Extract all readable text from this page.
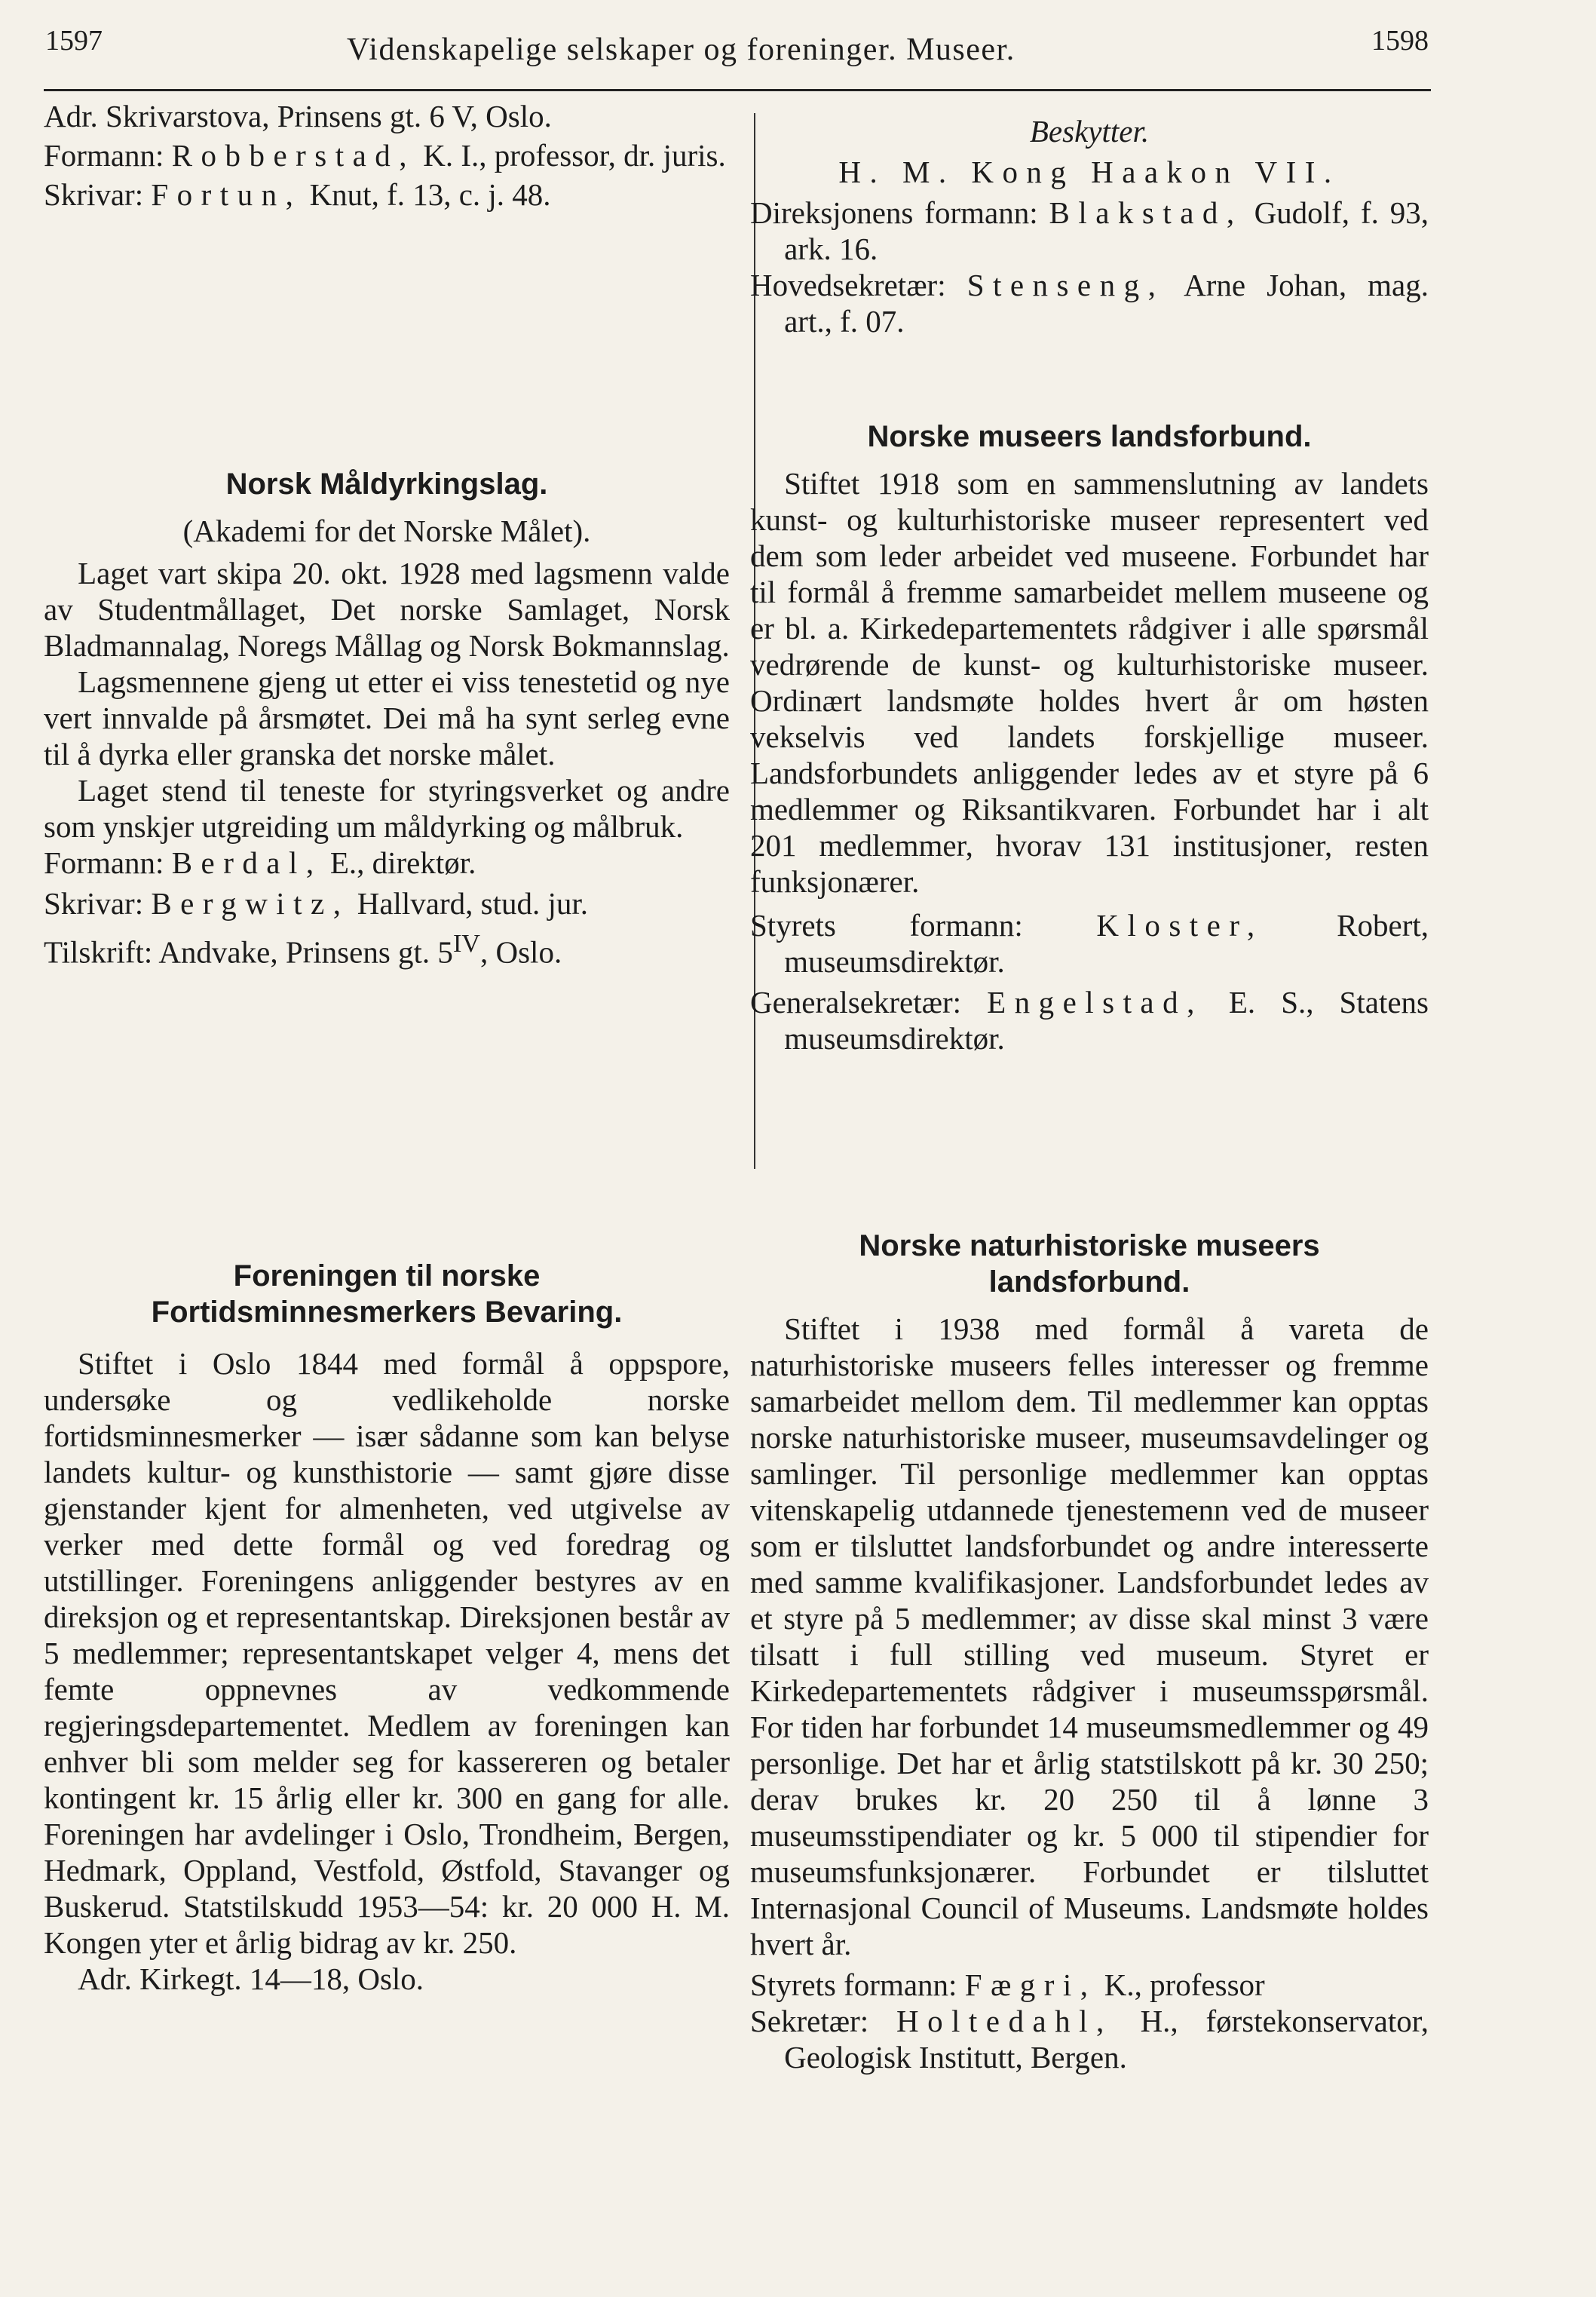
1597	Videnskapelige selskaper og foreninger. Museer.	1598

Adr. Skrivarstova, Prinsens gt. 6 V, Oslo.

Formann: Robberstad, K. I., professor, dr. juris.

Skrivar: Fortun, Knut, f. 13, c. j. 48.

Norsk Måldyrkingslag.

(Akademi for det Norske Målet).

Laget vart skipa 20. okt. 1928 med lagsmenn valde av Studentmållaget, Det norske Samlaget, Norsk Bladmannalag, Noregs Mållag og Norsk Bokmannslag.

Lagsmennene gjeng ut etter ei viss tenestetid og nye vert innvalde på årsmøtet. Dei må ha synt serleg evne til å dyrka eller granska det norske målet.

Laget stend til teneste for styringsverket og andre som ynskjer utgreiding um måldyrking og målbruk.

Formann: Berdal, E., direktør.

Skrivar: Bergwitz, Hallvard, stud. jur.

Tilskrift: Andvake, Prinsens gt. $5^{IV}$, Oslo.

Foreningen til norske Fortidsminnesmerkers Bevaring.

Stiftet i Oslo 1844 med formål å oppspore, undersøke og vedlikeholde norske fortidsminnesmerker — især sådanne som kan belyse landets kultur- og kunsthistorie — samt gjøre disse gjenstander kjent for almenheten, ved utgivelse av verker med dette formål og ved foredrag og utstillinger. Foreningens anliggender bestyres av en direksjon og et representantskap. Direksjonen består av 5 medlemmer; representantskapet velger 4, mens det femte oppnevnes av vedkommende regjeringsdepartementet. Medlem av foreningen kan enhver bli som melder seg for kassereren og betaler kontingent kr. 15 årlig eller kr. 300 en gang for alle. Foreningen har avdelinger i Oslo, Trondheim, Bergen, Hedmark, Oppland, Vestfold, Østfold, Stavanger og Buskerud. Statstilskudd 1953—54: kr. 20 000 H. M. Kongen yter et årlig bidrag av kr. 250.

Adr. Kirkegt. 14—18, Oslo.

Beskytter.

H. M. Kong Haakon VII.

Direksjonens formann: Blakstad, Gudolf, f. 93, ark. 16.

Hovedsekretær: Stenseng, Arne Johan, mag. art., f. 07.

Norske museers landsforbund.

Stiftet 1918 som en sammenslutning av landets kunst- og kulturhistoriske museer representert ved dem som leder arbeidet ved museene. Forbundet har til formål å fremme samarbeidet mellem museene og er bl. a. Kirkedepartementets rådgiver i alle spørsmål vedrørende de kunst- og kulturhistoriske museer. Ordinært landsmøte holdes hvert år om høsten vekselvis ved landets forskjellige museer. Landsforbundets anliggender ledes av et styre på 6 medlemmer og Riksantikvaren. Forbundet har i alt 201 medlemmer, hvorav 131 institusjoner, resten funksjonærer.

Styrets formann: Kloster, Robert, museumsdirektør.

Generalsekretær: Engelstad, E. S., Statens museumsdirektør.

Norske naturhistoriske museers landsforbund.

Stiftet i 1938 med formål å vareta de naturhistoriske museers felles interesser og fremme samarbeidet mellom dem. Til medlemmer kan opptas norske naturhistoriske museer, museumsavdelinger og samlinger. Til personlige medlemmer kan opptas vitenskapelig utdannede tjenestemenn ved de museer som er tilsluttet landsforbundet og andre interesserte med samme kvalifikasjoner. Landsforbundet ledes av et styre på 5 medlemmer; av disse skal minst 3 være tilsatt i full stilling ved museum. Styret er Kirkedepartementets rådgiver i museumsspørsmål. For tiden har forbundet 14 museumsmedlemmer og 49 personlige. Det har et årlig statstilskott på kr. 30 250; derav brukes kr. 20 250 til å lønne 3 museumsstipendiater og kr. 5 000 til stipendier for museumsfunksjonærer. Forbundet er tilsluttet Internasjonal Council of Museums. Landsmøte holdes hvert år.

Styrets formann: Fægri, K., professor

Sekretær: Holtedahl, H., førstekonservator, Geologisk Institutt, Bergen.
